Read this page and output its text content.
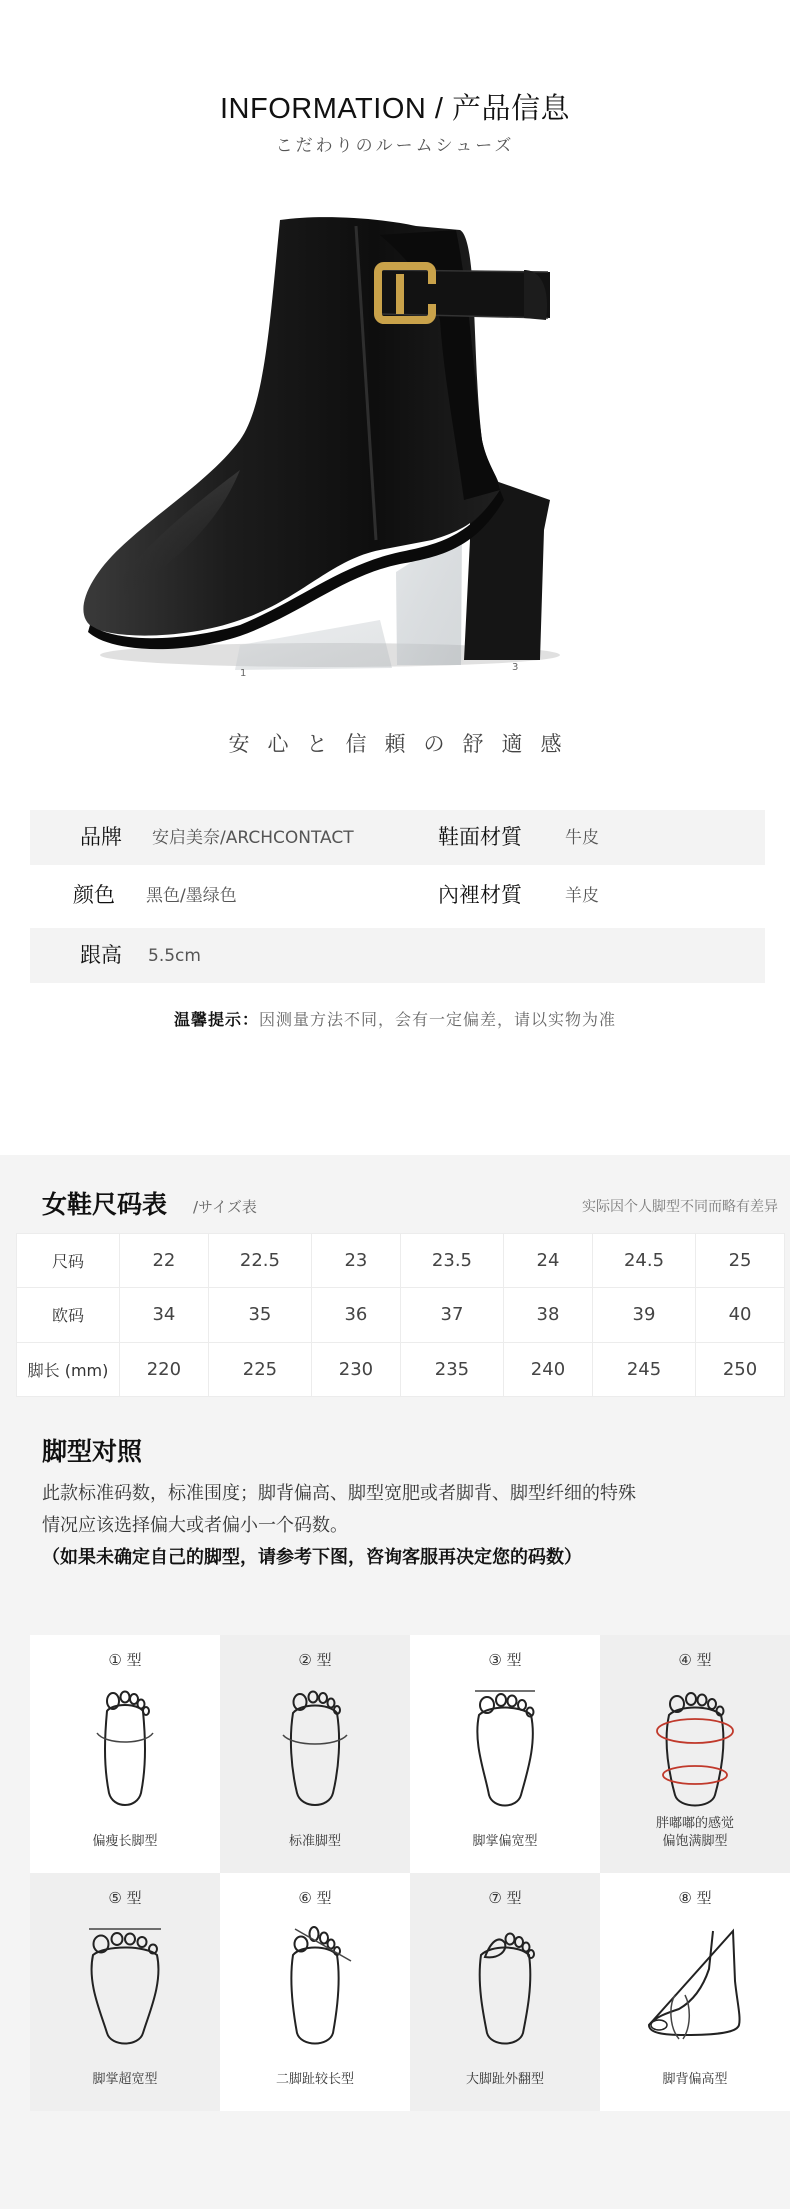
INFORMATION / 产品信息
こだわりのルームシューズ
1
3
安心と信頼の舒適感
品牌 安启美奈/ARCHCONTACT	鞋面材質	牛皮
颜色 黑色/墨绿色	內裡材質	羊皮
跟高 5.5cm
温馨提示：因测量方法不同，会有一定偏差，请以实物为准
女鞋尺码表 /サイズ表	实际因个人脚型不同而略有差异
尺码	22	22.5	23	23.5	24	24.5	25
欧码	34	35	36	37	38	39	40
脚长 (mm)	220	225	230	235	240	245	250
脚型对照
此款标准码数，标准围度；脚背偏高、脚型宽肥或者脚背、脚型纤细的特殊
情况应该选择偏大或者偏小一个码数。
（如果未确定自己的脚型，请参考下图，咨询客服再决定您的码数）
① 型
偏瘦长脚型
② 型
标准脚型
③ 型
脚掌偏宽型
④ 型
胖嘟嘟的感觉
偏饱满脚型
⑤ 型
脚掌超宽型
⑥ 型
二脚趾较长型
⑦ 型
大脚趾外翻型
⑧ 型
脚背偏高型
